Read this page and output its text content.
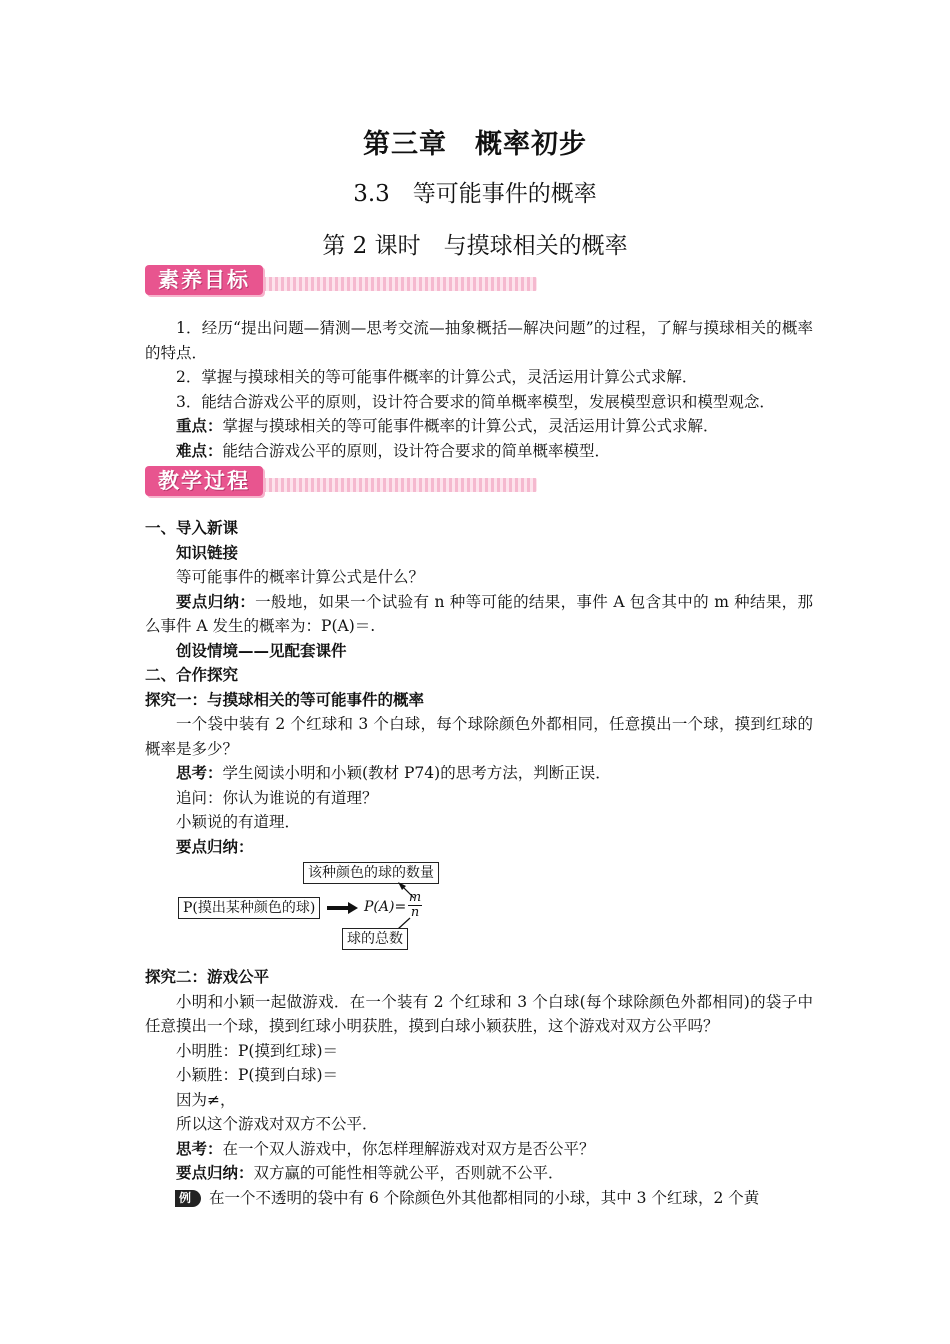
第三章　概率初步
3.3　等可能事件的概率
第 2 课时　与摸球相关的概率
素养目标

1．经历“提出问题—猜测—思考交流—抽象概括—解决问题”的过程，了解与摸球相关的概率的特点．

2．掌握与摸球相关的等可能事件概率的计算公式，灵活运用计算公式求解．

3．能结合游戏公平的原则，设计符合要求的简单概率模型，发展模型意识和模型观念．

重点：掌握与摸球相关的等可能事件概率的计算公式，灵活运用计算公式求解．

难点：能结合游戏公平的原则，设计符合要求的简单概率模型．

教学过程

一、导入新课

知识链接

等可能事件的概率计算公式是什么？

要点归纳：一般地，如果一个试验有 n 种等可能的结果，事件 A 包含其中的 m 种结果，那么事件 A 发生的概率为：P(A)＝.

创设情境——见配套课件

二、合作探究

探究一：与摸球相关的等可能事件的概率

一个袋中装有 2 个红球和 3 个白球，每个球除颜色外都相同，任意摸出一个球，摸到红球的概率是多少？

思考：学生阅读小明和小颖(教材 P74)的思考方法，判断正误．

追问：你认为谁说的有道理？

小颖说的有道理．

要点归纳：

该种颜色的球的数量
P(摸出某种颜色的球)	$P(A)= \frac{m}{n}$
球的总数

探究二：游戏公平

小明和小颖一起做游戏．在一个装有 2 个红球和 3 个白球(每个球除颜色外都相同)的袋子中任意摸出一个球，摸到红球小明获胜，摸到白球小颖获胜，这个游戏对双方公平吗？

小明胜：P(摸到红球)＝

小颖胜：P(摸到白球)＝

因为≠，

所以这个游戏对双方不公平．

思考：在一个双人游戏中，你怎样理解游戏对双方是否公平？

要点归纳：双方赢的可能性相等就公平，否则就不公平．

例 在一个不透明的袋中有 6 个除颜色外其他都相同的小球，其中 3 个红球，2 个黄
